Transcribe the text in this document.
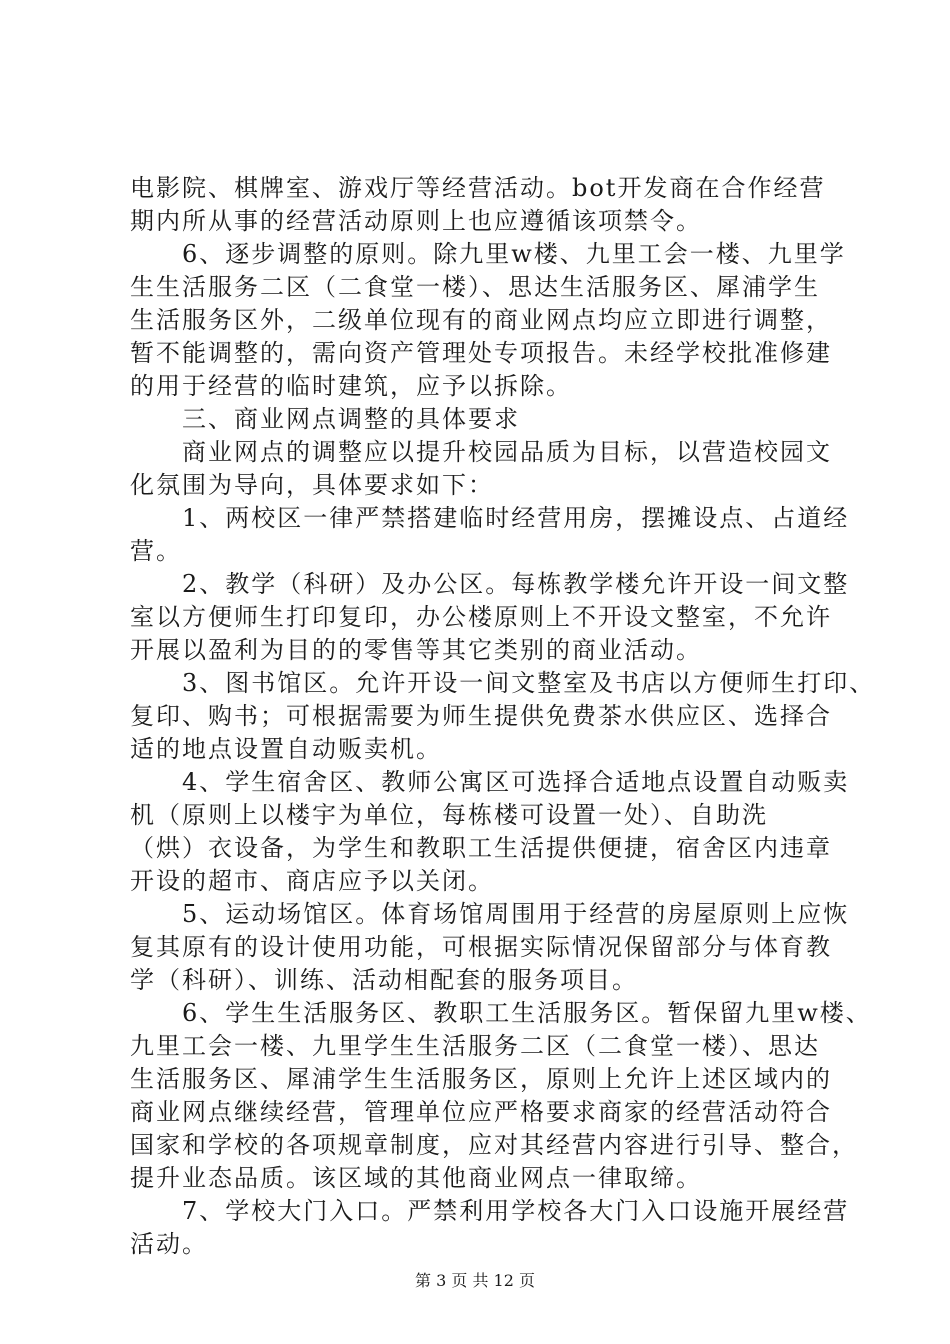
电影院、棋牌室、游戏厅等经营活动。bot开发商在合作经营
期内所从事的经营活动原则上也应遵循该项禁令。
　　6、逐步调整的原则。除九里w楼、九里工会一楼、九里学
生生活服务二区（二食堂一楼）、思达生活服务区、犀浦学生
生活服务区外，二级单位现有的商业网点均应立即进行调整，
暂不能调整的，需向资产管理处专项报告。未经学校批准修建
的用于经营的临时建筑，应予以拆除。
　　三、商业网点调整的具体要求
　　商业网点的调整应以提升校园品质为目标，以营造校园文
化氛围为导向，具体要求如下：
　　1、两校区一律严禁搭建临时经营用房，摆摊设点、占道经
营。
　　2、教学（科研）及办公区。每栋教学楼允许开设一间文整
室以方便师生打印复印，办公楼原则上不开设文整室，不允许
开展以盈利为目的的零售等其它类别的商业活动。
　　3、图书馆区。允许开设一间文整室及书店以方便师生打印、
复印、购书；可根据需要为师生提供免费茶水供应区、选择合
适的地点设置自动贩卖机。
　　4、学生宿舍区、教师公寓区可选择合适地点设置自动贩卖
机（原则上以楼宇为单位，每栋楼可设置一处）、自助洗
（烘）衣设备，为学生和教职工生活提供便捷，宿舍区内违章
开设的超市、商店应予以关闭。
　　5、运动场馆区。体育场馆周围用于经营的房屋原则上应恢
复其原有的设计使用功能，可根据实际情况保留部分与体育教
学（科研）、训练、活动相配套的服务项目。
　　6、学生生活服务区、教职工生活服务区。暂保留九里w楼、
九里工会一楼、九里学生生活服务二区（二食堂一楼）、思达
生活服务区、犀浦学生生活服务区，原则上允许上述区域内的
商业网点继续经营，管理单位应严格要求商家的经营活动符合
国家和学校的各项规章制度，应对其经营内容进行引导、整合，
提升业态品质。该区域的其他商业网点一律取缔。
　　7、学校大门入口。严禁利用学校各大门入口设施开展经营
活动。
第 3 页 共 12 页
